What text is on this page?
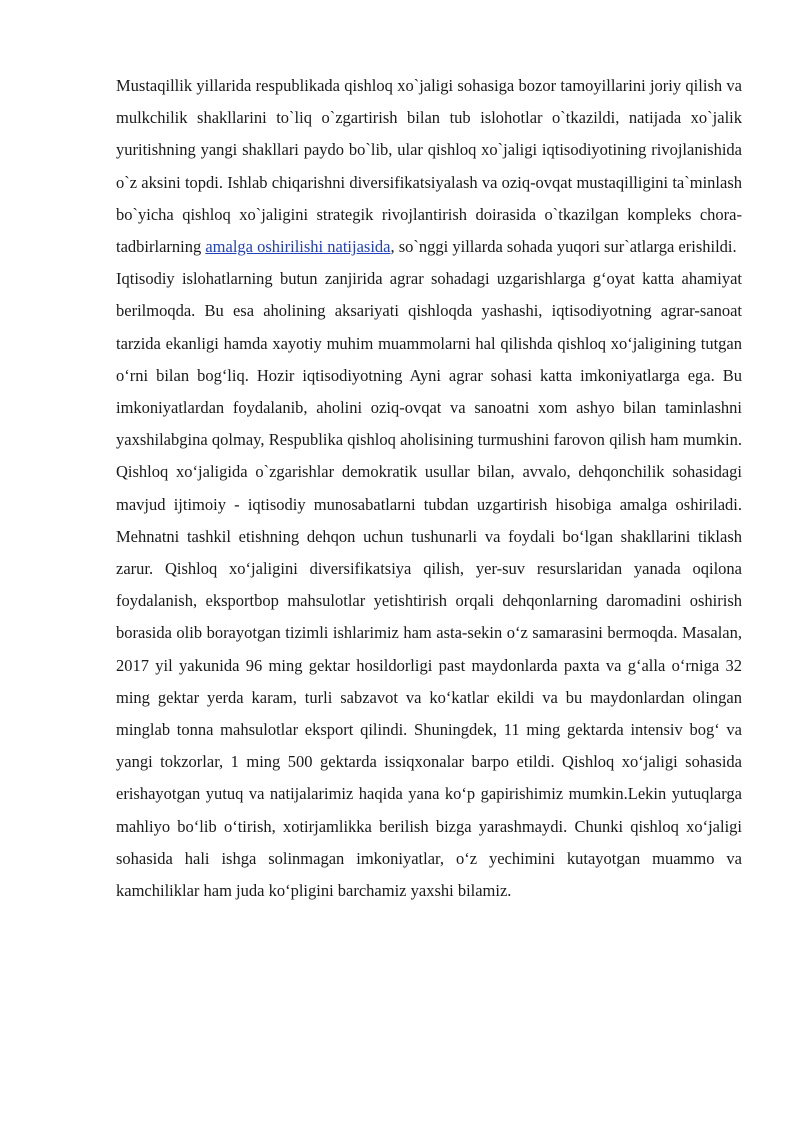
Mustaqillik yillarida respublikada qishloq xo`jaligi sohasiga bozor tamoyillarini joriy qilish va mulkchilik shakllarini to`liq o`zgartirish bilan tub islohotlar o`tkazildi, natijada xo`jalik yuritishning yangi shakllari paydo bo`lib, ular qishloq xo`jaligi iqtisodiyotining rivojlanishida o`z aksini topdi. Ishlab chiqarishni diversifikatsiyalash va oziq-ovqat mustaqilligini ta`minlash bo`yicha qishloq xo`jaligini strategik rivojlantirish doirasida o`tkazilgan kompleks chora-tadbirlarning amalga oshirilishi natijasida, so`nggi yillarda sohada yuqori sur`atlarga erishildi.

Iqtisodiy islohatlarning butun zanjirida agrar sohadagi uzgarishlarga g‘oyat katta ahamiyat berilmoqda. Bu esa aholining aksariyati qishloqda yashashi, iqtisodiyotning agrar-sanoat tarzida ekanligi hamda xayotiy muhim muammolarni hal qilishda qishloq xo‘jaligining tutgan o‘rni bilan bog‘liq. Hozir iqtisodiyotning Ayni agrar sohasi katta imkoniyatlarga ega. Bu imkoniyatlardan foydalanib, aholini oziq-ovqat va sanoatni xom ashyo bilan taminlashni yaxshilabgina qolmay, Respublika qishloq aholisining turmushini farovon qilish ham mumkin. Qishloq xo‘jaligida o`zgarishlar demokratik usullar bilan, avvalo, dehqonchilik sohasidagi mavjud ijtimoiy - iqtisodiy munosabatlarni tubdan uzgartirish hisobiga amalga oshiriladi. Mehnatni tashkil etishning dehqon uchun tushunarli va foydali bo‘lgan shakllarini tiklash zarur. Qishloq xo‘jaligini diversifikatsiya qilish, yer-suv resurslaridan yanada oqilona foydalanish, eksportbop mahsulotlar yetishtirish orqali dehqonlarning daromadini oshirish borasida olib borayotgan tizimli ishlarimiz ham asta-sekin o‘z samarasini bermoqda. Masalan, 2017 yil yakunida 96 ming gektar hosildorligi past maydonlarda paxta va g‘alla o‘rniga 32 ming gektar yerda karam, turli sabzavot va ko‘katlar ekildi va bu maydonlardan olingan minglab tonna mahsulotlar eksport qilindi. Shuningdek, 11 ming gektarda intensiv bog‘ va yangi tokzorlar, 1 ming 500 gektarda issiqxonalar barpo etildi. Qishloq xo‘jaligi sohasida erishayotgan yutuq va natijalarimiz haqida yana ko‘p gapirishimiz mumkin.Lekin yutuqlarga mahliyo bo‘lib o‘tirish, xotirjamlikka berilish bizga yarashmaydi. Chunki qishloq xo‘jaligi sohasida hali ishga solinmagan imkoniyatlar, o‘z yechimini kutayotgan muammo va kamchiliklar ham juda ko‘pligini barchamiz yaxshi bilamiz.
